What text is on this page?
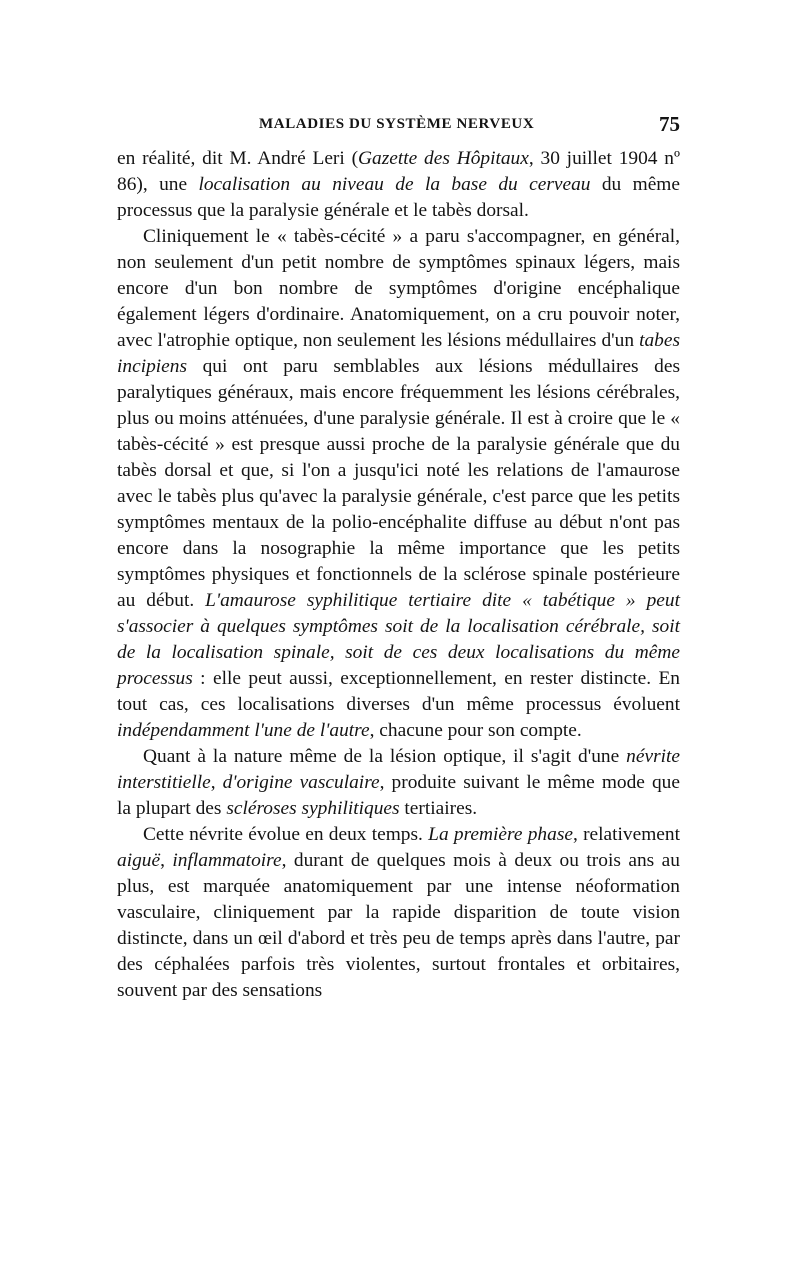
MALADIES DU SYSTÈME NERVEUX	75

en réalité, dit M. André Leri (Gazette des Hôpitaux, 30 juillet 1904 nº 86), une localisation au niveau de la base du cerveau du même processus que la paralysie générale et le tabès dorsal.

Cliniquement le « tabès-cécité » a paru s'accompagner, en général, non seulement d'un petit nombre de symptômes spinaux légers, mais encore d'un bon nombre de symptômes d'origine encéphalique également légers d'ordinaire. Anatomiquement, on a cru pouvoir noter, avec l'atrophie optique, non seulement les lésions médullaires d'un tabes incipiens qui ont paru semblables aux lésions médullaires des paralytiques généraux, mais encore fréquemment les lésions cérébrales, plus ou moins atténuées, d'une paralysie générale. Il est à croire que le « tabès-cécité » est presque aussi proche de la paralysie générale que du tabès dorsal et que, si l'on a jusqu'ici noté les relations de l'amaurose avec le tabès plus qu'avec la paralysie générale, c'est parce que les petits symptômes mentaux de la polio-encéphalite diffuse au début n'ont pas encore dans la nosographie la même importance que les petits symptômes physiques et fonctionnels de la sclérose spinale postérieure au début. L'amaurose syphilitique tertiaire dite « tabétique » peut s'associer à quelques symptômes soit de la localisation cérébrale, soit de la localisation spinale, soit de ces deux localisations du même processus : elle peut aussi, exceptionnellement, en rester distincte. En tout cas, ces localisations diverses d'un même processus évoluent indépendamment l'une de l'autre, chacune pour son compte.

Quant à la nature même de la lésion optique, il s'agit d'une névrite interstitielle, d'origine vasculaire, produite suivant le même mode que la plupart des scléroses syphilitiques tertiaires.

Cette névrite évolue en deux temps. La première phase, relativement aiguë, inflammatoire, durant de quelques mois à deux ou trois ans au plus, est marquée anatomiquement par une intense néoformation vasculaire, cliniquement par la rapide disparition de toute vision distincte, dans un œil d'abord et très peu de temps après dans l'autre, par des céphalées parfois très violentes, surtout frontales et orbitaires, souvent par des sensations
